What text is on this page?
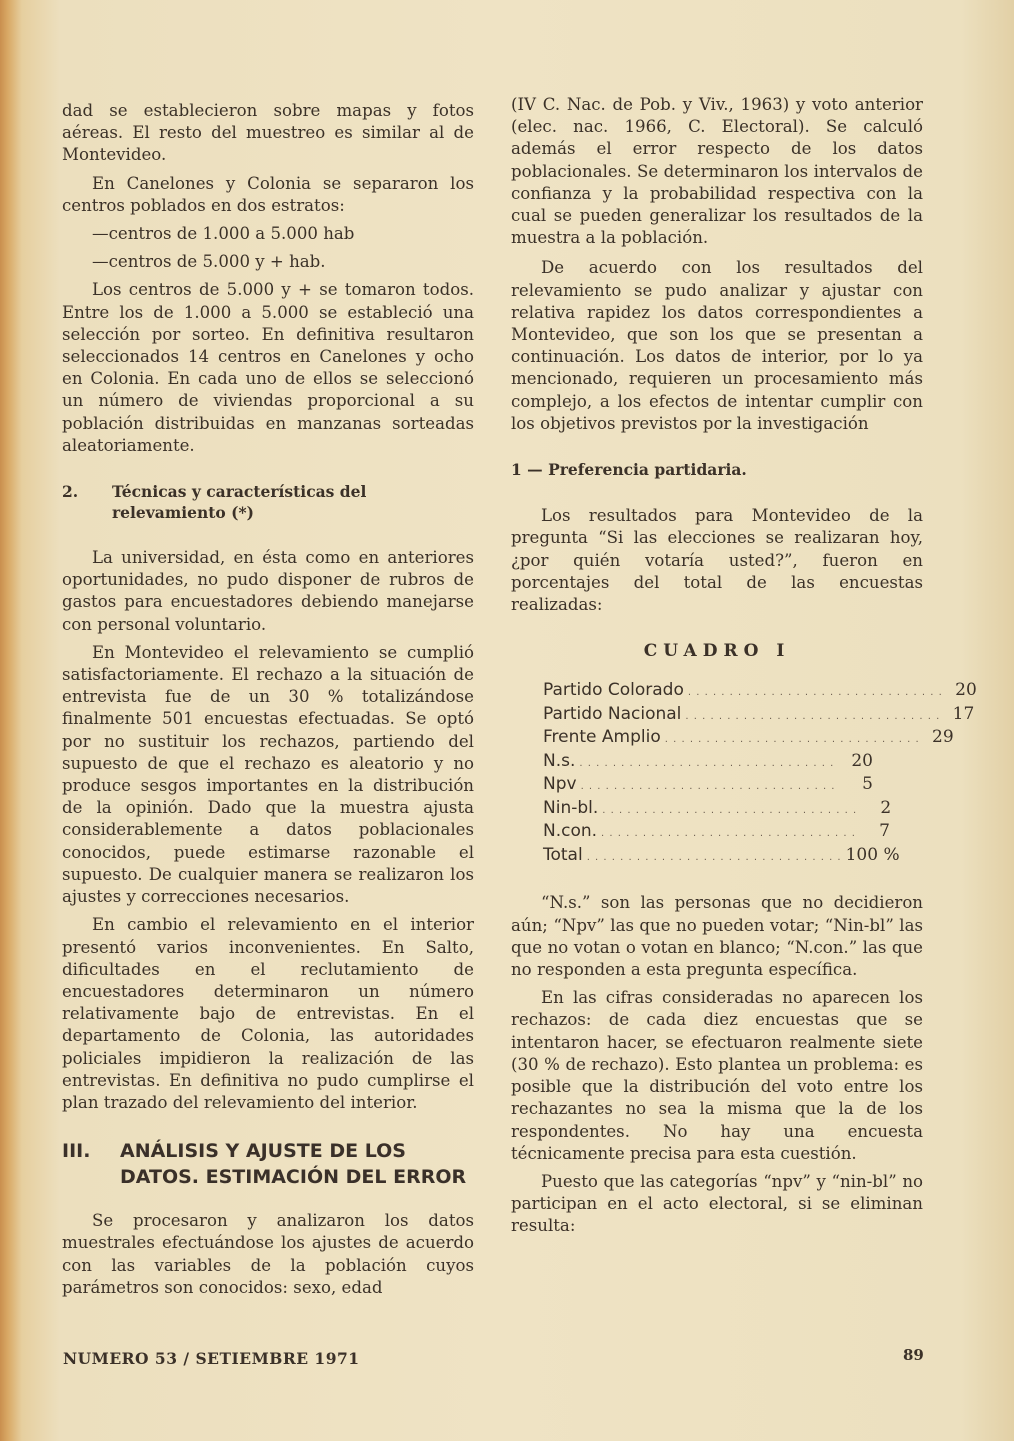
dad se establecieron sobre mapas y fotos aéreas. El resto del muestreo es similar al de Montevideo.

En Canelones y Colonia se separaron los centros poblados en dos estratos:

—centros de 1.000 a 5.000 hab

—centros de 5.000 y + hab.

Los centros de 5.000 y + se tomaron todos. Entre los de 1.000 a 5.000 se estableció una selección por sorteo. En definitiva resultaron seleccionados 14 centros en Canelones y ocho en Colonia. En cada uno de ellos se seleccionó un número de viviendas proporcional a su población distribuidas en manzanas sorteadas aleatoriamente.

2.	Técnicas y características del relevamiento (*)

La universidad, en ésta como en anteriores oportunidades, no pudo disponer de rubros de gastos para encuestadores debiendo manejarse con personal voluntario.

En Montevideo el relevamiento se cumplió satisfactoriamente. El rechazo a la situación de entrevista fue de un 30 % totalizándose finalmente 501 encuestas efectuadas. Se optó por no sustituir los rechazos, partiendo del supuesto de que el rechazo es aleatorio y no produce sesgos importantes en la distribución de la opinión. Dado que la muestra ajusta considerablemente a datos poblacionales conocidos, puede estimarse razonable el supuesto. De cualquier manera se realizaron los ajustes y correcciones necesarios.

En cambio el relevamiento en el interior presentó varios inconvenientes. En Salto, dificultades en el reclutamiento de encuestadores determinaron un número relativamente bajo de entrevistas. En el departamento de Colonia, las autoridades policiales impidieron la realización de las entrevistas. En definitiva no pudo cumplirse el plan trazado del relevamiento del interior.

III.	ANÁLISIS Y AJUSTE DE LOS DATOS. ESTIMACIÓN DEL ERROR

Se procesaron y analizaron los datos muestrales efectuándose los ajustes de acuerdo con las variables de la población cuyos parámetros son conocidos: sexo, edad

(IV C. Nac. de Pob. y Viv., 1963) y voto anterior (elec. nac. 1966, C. Electoral). Se calculó además el error respecto de los datos poblacionales. Se determinaron los intervalos de confianza y la probabilidad respectiva con la cual se pueden generalizar los resultados de la muestra a la población.

De acuerdo con los resultados del relevamiento se pudo analizar y ajustar con relativa rapidez los datos correspondientes a Montevideo, que son los que se presentan a continuación. Los datos de interior, por lo ya mencionado, requieren un procesamiento más complejo, a los efectos de intentar cumplir con los objetivos previstos por la investigación

1 — Preferencia partidaria.

Los resultados para Montevideo de la pregunta “Si las elecciones se realizaran hoy, ¿por quién votaría usted?”, fueron en porcentajes del total de las encuestas realizadas:

CUADRO I

Partido Colorado . . . . . . . . . . . . . . . . . . . . . . . . . . . . . . . 20
Partido Nacional . . . . . . . . . . . . . . . . . . . . . . . . . . . . . . . 17
Frente Amplio . . . . . . . . . . . . . . . . . . . . . . . . . . . . . . . 29
N.s. . . . . . . . . . . . . . . . . . . . . . . . . . . . . . . .	20
Npv . . . . . . . . . . . . . . . . . . . . . . . . . . . . . . .	5
Nin-bl. . . . . . . . . . . . . . . . . . . . . . . . . . . . . . . .	2
N.con. . . . . . . . . . . . . . . . . . . . . . . . . . . . . . . .	7
Total . . . . . . . . . . . . . . . . . . . . . . . . . . . . . . . 100 %

“N.s.” son las personas que no decidieron aún; “Npv” las que no pueden votar; “Nin-bl” las que no votan o votan en blanco; “N.con.” las que no responden a esta pregunta específica.

En las cifras consideradas no aparecen los rechazos: de cada diez encuestas que se intentaron hacer, se efectuaron realmente siete (30 % de rechazo). Esto plantea un problema: es posible que la distribución del voto entre los rechazantes no sea la misma que la de los respondentes. No hay una encuesta técnicamente precisa para esta cuestión.

Puesto que las categorías “npv” y “nin-bl” no participan en el acto electoral, si se eliminan resulta:

NUMERO 53 / SETIEMBRE 1971	89
